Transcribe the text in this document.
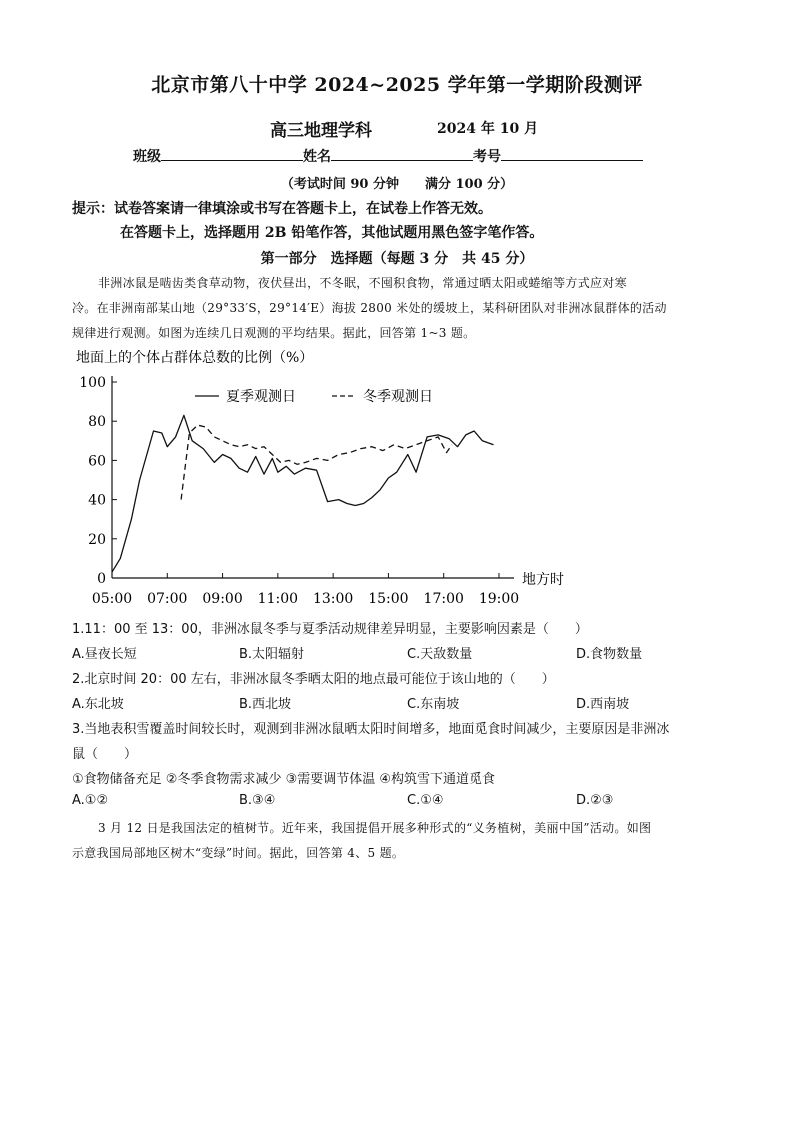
北京市第八十中学 2024~2025 学年第一学期阶段测评
高三地理学科	2024 年 10 月
班级	姓名	考号
（考试时间 90 分钟　　满分 100 分）
提示：试卷答案请一律填涂或书写在答题卡上，在试卷上作答无效。
在答题卡上，选择题用 2B 铅笔作答，其他试题用黑色签字笔作答。
第一部分　选择题（每题 3 分　共 45 分）
非洲冰鼠是啮齿类食草动物，夜伏昼出，不冬眠，不囤积食物，常通过晒太阳或蜷缩等方式应对寒
冷。在非洲南部某山地（29°33′S，29°14′E）海拔 2800 米处的缓坡上，某科研团队对非洲冰鼠群体的活动
规律进行观测。如图为连续几日观测的平均结果。据此，回答第 1~3 题。
地面上的个体占群体总数的比例（%）
0
20
40
60
80
100
05:00 07:00 09:00 11:00 13:00 15:00 17:00 19:00
地方时
夏季观测日	冬季观测日
1.11：00 至 13：00，非洲冰鼠冬季与夏季活动规律差异明显，主要影响因素是（　　）
A.昼夜长短	B.太阳辐射	C.天敌数量	D.食物数量
2.北京时间 20：00 左右，非洲冰鼠冬季晒太阳的地点最可能位于该山地的（　　）
A.东北坡	B.西北坡	C.东南坡	D.西南坡
3.当地表积雪覆盖时间较长时，观测到非洲冰鼠晒太阳时间增多，地面觅食时间减少，主要原因是非洲冰
鼠（　　）
①食物储备充足 ②冬季食物需求减少 ③需要调节体温 ④构筑雪下通道觅食
A.①②	B.③④	C.①④	D.②③
3 月 12 日是我国法定的植树节。近年来，我国提倡开展多种形式的“义务植树，美丽中国”活动。如图
示意我国局部地区树木“变绿”时间。据此，回答第 4、5 题。
